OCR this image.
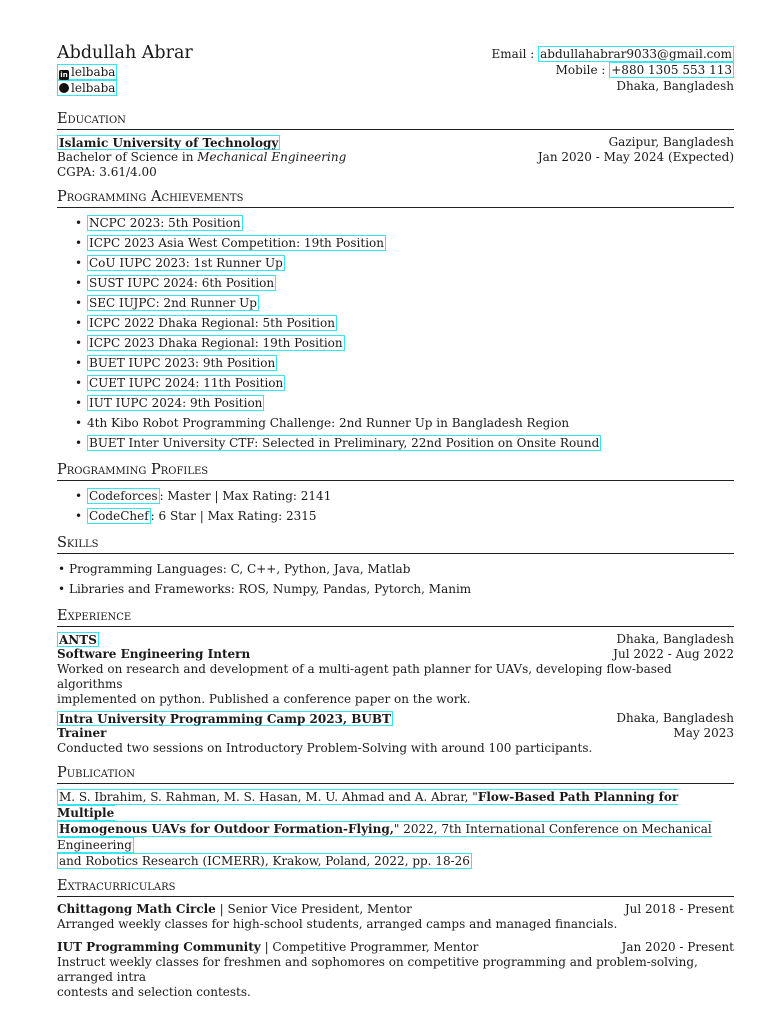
Abdullah Abrar
in lelbaba
lelbaba
Email : abdullahabrar9033@gmail.com
Mobile : +880 1305 553 113
Dhaka, Bangladesh
Education
Islamic University of Technology	Gazipur, Bangladesh
Bachelor of Science in Mechanical Engineering	Jan 2020 - May 2024 (Expected)
CGPA: 3.61/4.00
Programming Achievements
• NCPC 2023: 5th Position
• ICPC 2023 Asia West Competition: 19th Position
• CoU IUPC 2023: 1st Runner Up
• SUST IUPC 2024: 6th Position
• SEC IUJPC: 2nd Runner Up
• ICPC 2022 Dhaka Regional: 5th Position
• ICPC 2023 Dhaka Regional: 19th Position
• BUET IUPC 2023: 9th Position
• CUET IUPC 2024: 11th Position
• IUT IUPC 2024: 9th Position
• 4th Kibo Robot Programming Challenge: 2nd Runner Up in Bangladesh Region
• BUET Inter University CTF: Selected in Preliminary, 22nd Position on Onsite Round
Programming Profiles
• Codeforces : Master | Max Rating: 2141
• CodeChef : 6 Star | Max Rating: 2315
Skills
• Programming Languages: C, C++, Python, Java, Matlab
• Libraries and Frameworks: ROS, Numpy, Pandas, Pytorch, Manim
Experience
ANTS	Dhaka, Bangladesh
Software Engineering Intern	Jul 2022 - Aug 2022
Worked on research and development of a multi-agent path planner for UAVs, developing flow-based algorithms
implemented on python. Published a conference paper on the work.
Intra University Programming Camp 2023, BUBT	Dhaka, Bangladesh
Trainer	May 2023
Conducted two sessions on Introductory Problem-Solving with around 100 participants.
Publication
M. S. Ibrahim, S. Rahman, M. S. Hasan, M. U. Ahmad and A. Abrar, "Flow-Based Path Planning for Multiple
Homogenous UAVs for Outdoor Formation-Flying," 2022, 7th International Conference on Mechanical Engineering
and Robotics Research (ICMERR), Krakow, Poland, 2022, pp. 18-26
Extracurriculars
Chittagong Math Circle | Senior Vice President, Mentor	Jul 2018 - Present
Arranged weekly classes for high-school students, arranged camps and managed financials.
IUT Programming Community | Competitive Programmer, Mentor	Jan 2020 - Present
Instruct weekly classes for freshmen and sophomores on competitive programming and problem-solving, arranged intra
contests and selection contests.
